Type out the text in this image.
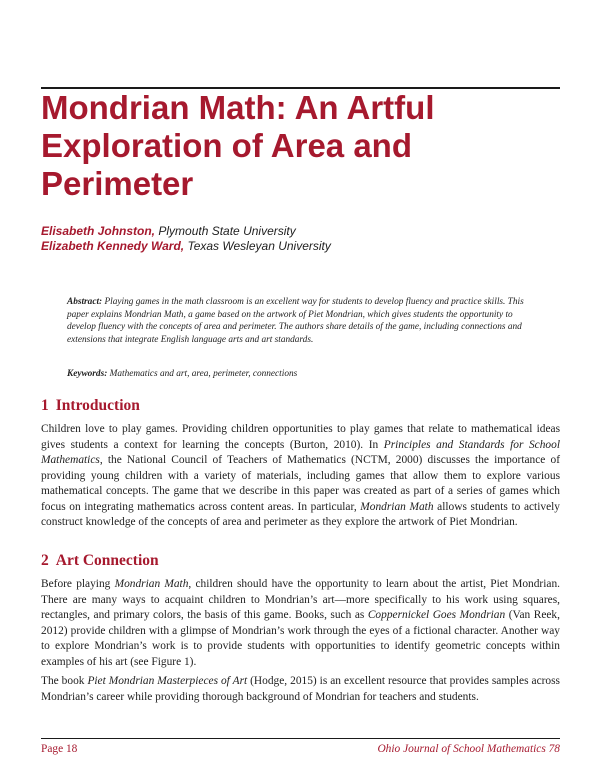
Mondrian Math: An Artful Exploration of Area and Perimeter
Elisabeth Johnston, Plymouth State University
Elizabeth Kennedy Ward, Texas Wesleyan University
Abstract: Playing games in the math classroom is an excellent way for students to develop fluency and practice skills. This paper explains Mondrian Math, a game based on the artwork of Piet Mondrian, which gives students the opportunity to develop fluency with the concepts of area and perimeter. The authors share details of the game, including connections and extensions that integrate English language arts and art standards.
Keywords: Mathematics and art, area, perimeter, connections
1 Introduction

Children love to play games. Providing children opportunities to play games that relate to mathematical ideas gives students a context for learning the concepts (Burton, 2010). In Principles and Standards for School Mathematics, the National Council of Teachers of Mathematics (NCTM, 2000) discusses the importance of providing young children with a variety of materials, including games that allow them to explore various mathematical concepts. The game that we describe in this paper was created as part of a series of games which focus on integrating mathematics across content areas. In particular, Mondrian Math allows students to actively construct knowledge of the concepts of area and perimeter as they explore the artwork of Piet Mondrian.

2 Art Connection

Before playing Mondrian Math, children should have the opportunity to learn about the artist, Piet Mondrian. There are many ways to acquaint children to Mondrian’s art—more specifically to his work using squares, rectangles, and primary colors, the basis of this game. Books, such as Coppernickel Goes Mondrian (Van Reek, 2012) provide children with a glimpse of Mondrian’s work through the eyes of a fictional character. Another way to explore Mondrian’s work is to provide students with opportunities to identify geometric concepts within examples of his art (see Figure 1).

The book Piet Mondrian Masterpieces of Art (Hodge, 2015) is an excellent resource that provides samples across Mondrian’s career while providing thorough background of Mondrian for teachers and students.

Page 18	Ohio Journal of School Mathematics 78
